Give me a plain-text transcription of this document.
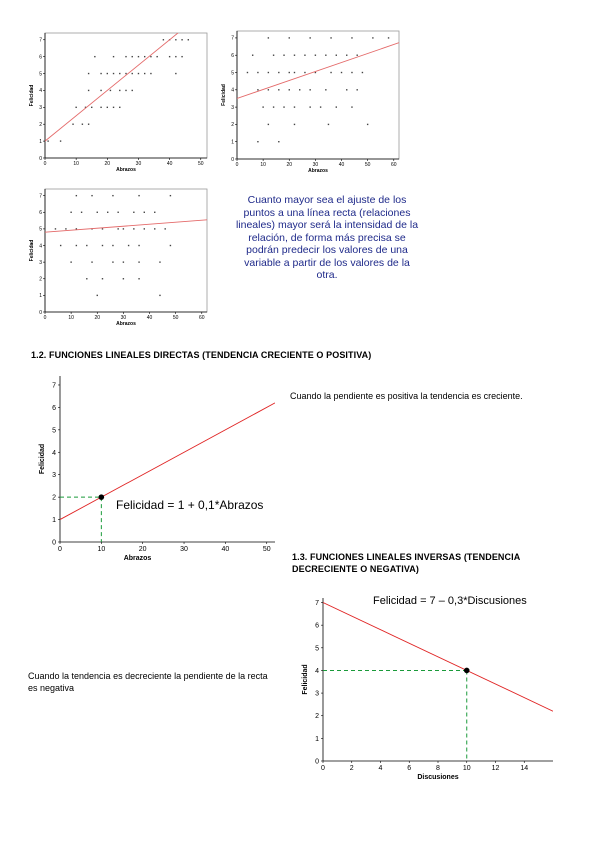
0	10	20	30	40	50
0
1
2
3
4
5
6
7
Abrazos
Felicidad
0	10	20	30	40	50	60
0
1
2
3
4
5
6
7
Abrazos
Felicidad
0	10	20	30	40	50	60
0
1
2
3
4
5
6
7
Abrazos
Felicidad
Cuanto mayor sea el ajuste de los puntos a una línea recta (relaciones lineales) mayor será la intensidad de la relación, de forma más precisa se podrán predecir los valores de una variable a partir de los valores de la otra.
1.2. FUNCIONES LINEALES DIRECTAS (TENDENCIA CRECIENTE O POSITIVA)
0	10	20	30	40	50
0
1
2
3
4
5
6
7
Abrazos
Felicidad
Felicidad = 1 + 0,1*Abrazos
Cuando la pendiente es positiva la tendencia es creciente.
1.3. FUNCIONES LINEALES INVERSAS (TENDENCIA DECRECIENTE O NEGATIVA)
Cuando la tendencia es decreciente la pendiente de la recta es negativa
0	2	4	6	8	10	12	14
0
1
2
3
4
5
6
7
Discusiones
Felicidad
Felicidad = 7 – 0,3*Discusiones
